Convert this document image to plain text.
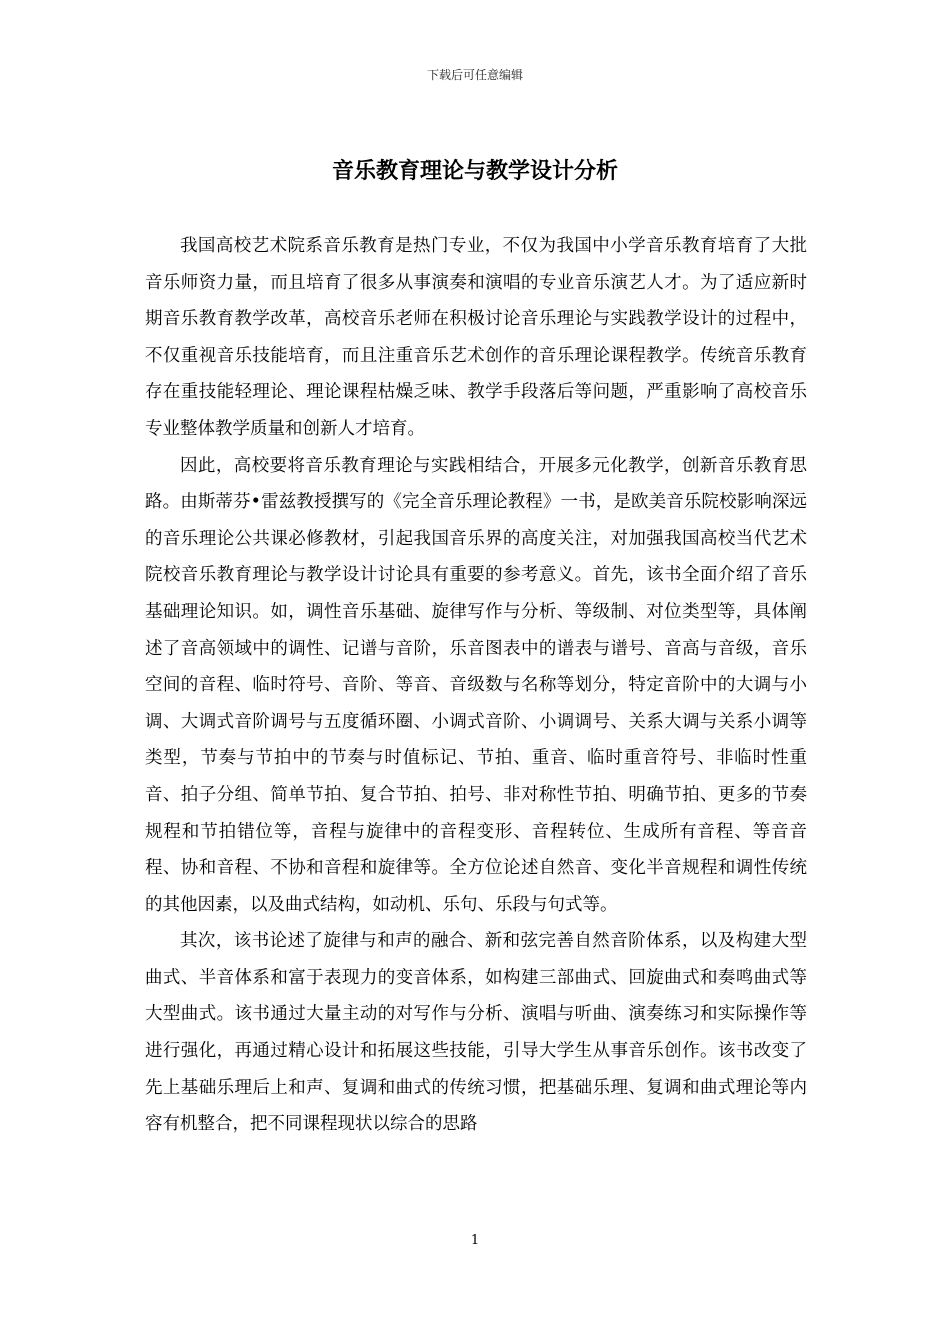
下载后可任意编辑
音乐教育理论与教学设计分析

我国高校艺术院系音乐教育是热门专业，不仅为我国中小学音乐教育培育了大批音乐师资力量，而且培育了很多从事演奏和演唱的专业音乐演艺人才。为了适应新时期音乐教育教学改革，高校音乐老师在积极讨论音乐理论与实践教学设计的过程中，不仅重视音乐技能培育，而且注重音乐艺术创作的音乐理论课程教学。传统音乐教育存在重技能轻理论、理论课程枯燥乏味、教学手段落后等问题，严重影响了高校音乐专业整体教学质量和创新人才培育。

因此，高校要将音乐教育理论与实践相结合，开展多元化教学，创新音乐教育思路。由斯蒂芬•雷兹教授撰写的《完全音乐理论教程》一书，是欧美音乐院校影响深远的音乐理论公共课必修教材，引起我国音乐界的高度关注，对加强我国高校当代艺术院校音乐教育理论与教学设计讨论具有重要的参考意义。首先，该书全面介绍了音乐基础理论知识。如，调性音乐基础、旋律写作与分析、等级制、对位类型等，具体阐述了音高领域中的调性、记谱与音阶，乐音图表中的谱表与谱号、音高与音级，音乐空间的音程、临时符号、音阶、等音、音级数与名称等划分，特定音阶中的大调与小调、大调式音阶调号与五度循环圈、小调式音阶、小调调号、关系大调与关系小调等类型，节奏与节拍中的节奏与时值标记、节拍、重音、临时重音符号、非临时性重音、拍子分组、简单节拍、复合节拍、拍号、非对称性节拍、明确节拍、更多的节奏规程和节拍错位等，音程与旋律中的音程变形、音程转位、生成所有音程、等音音程、协和音程、不协和音程和旋律等。全方位论述自然音、变化半音规程和调性传统的其他因素，以及曲式结构，如动机、乐句、乐段与句式等。

其次，该书论述了旋律与和声的融合、新和弦完善自然音阶体系，以及构建大型曲式、半音体系和富于表现力的变音体系，如构建三部曲式、回旋曲式和奏鸣曲式等大型曲式。该书通过大量主动的对写作与分析、演唱与听曲、演奏练习和实际操作等进行强化，再通过精心设计和拓展这些技能，引导大学生从事音乐创作。该书改变了先上基础乐理后上和声、复调和曲式的传统习惯，把基础乐理、复调和曲式理论等内容有机整合，把不同课程现状以综合的思路

1
